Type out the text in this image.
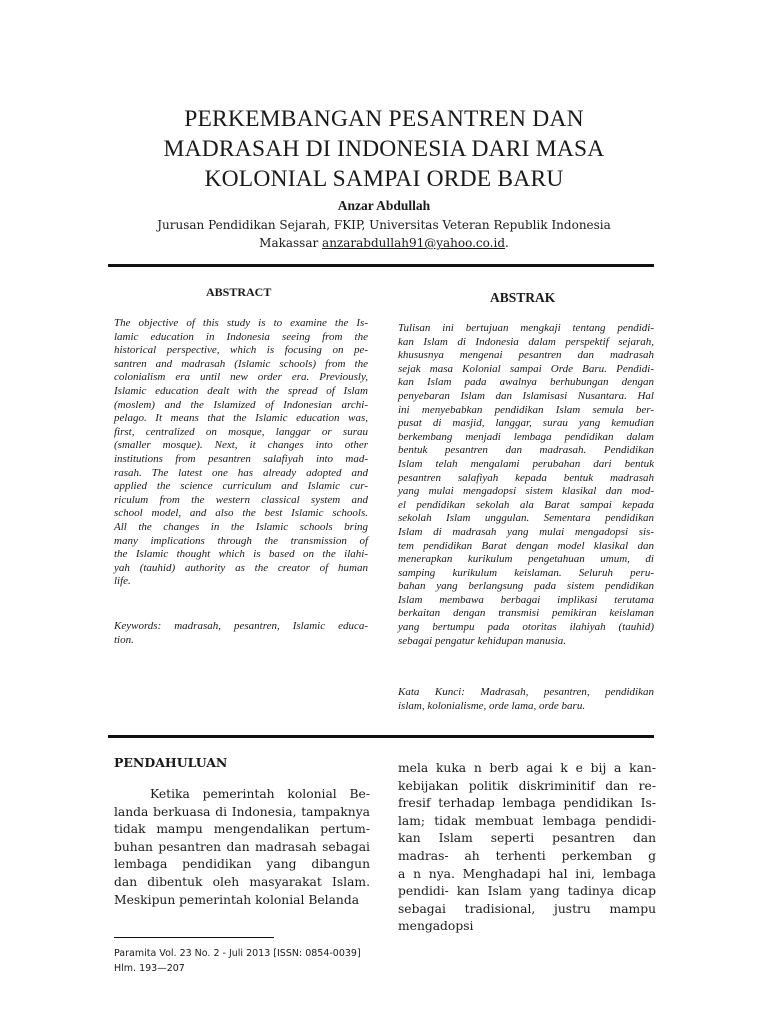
PERKEMBANGAN PESANTREN DAN
MADRASAH DI INDONESIA DARI MASA
KOLONIAL SAMPAI ORDE BARU
Anzar Abdullah
Jurusan Pendidikan Sejarah, FKIP, Universitas Veteran Republik Indonesia
Makassar anzarabdullah91@yahoo.co.id.
ABSTRACT
The objective of this study is to examine the Is-
lamic education in Indonesia seeing from the
historical perspective, which is focusing on pe-
santren and madrasah (Islamic schools) from the
colonialism era until new order era. Previously,
Islamic education dealt with the spread of Islam
(moslem) and the Islamized of Indonesian archi-
pelago. It means that the Islamic education was,
first, centralized on mosque, langgar or surau
(smaller mosque). Next, it changes into other
institutions from pesantren salafiyah into mad-
rasah. The latest one has already adopted and
applied the science curriculum and Islamic cur-
riculum from the western classical system and
school model, and also the best Islamic schools.
All the changes in the Islamic schools bring
many implications through the transmission of
the Islamic thought which is based on the ilahi-
yah (tauhid) authority as the creator of human
life.
Keywords: madrasah, pesantren, Islamic educa-
tion.
ABSTRAK
Tulisan ini bertujuan mengkaji tentang pendidi-
kan Islam di Indonesia dalam perspektif sejarah,
khususnya mengenai pesantren dan madrasah
sejak masa Kolonial sampai Orde Baru. Pendidi-
kan Islam pada awalnya berhubungan dengan
penyebaran Islam dan Islamisasi Nusantara. Hal
ini menyebabkan pendidikan Islam semula ber-
pusat di masjid, langgar, surau yang kemudian
berkembang menjadi lembaga pendidikan dalam
bentuk pesantren dan madrasah. Pendidikan
Islam telah mengalami perubahan dari bentuk
pesantren salafiyah kepada bentuk madrasah
yang mulai mengadopsi sistem klasikal dan mod-
el pendidikan sekolah ala Barat sampai kepada
sekolah Islam unggulan. Sementara pendidikan
Islam di madrasah yang mulai mengadopsi sis-
tem pendidikan Barat dengan model klasikal dan
menerapkan kurikulum pengetahuan umum, di
samping kurikulum keislaman. Seluruh peru-
bahan yang berlangsung pada sistem pendidikan
Islam membawa berbagai implikasi terutama
berkaitan dengan transmisi pemikiran keislaman
yang bertumpu pada otoritas ilahiyah (tauhid)
sebagai pengatur kehidupan manusia.
Kata Kunci: Madrasah, pesantren, pendidikan
islam, kolonialisme, orde lama, orde baru.
PENDAHULUAN
Ketika pemerintah kolonial Be-
landa berkuasa di Indonesia, tampaknya
tidak mampu mengendalikan pertum-
buhan pesantren dan madrasah sebagai
lembaga pendidikan yang dibangun
dan dibentuk oleh masyarakat Islam.
Meskipun pemerintah kolonial Belanda
mela kuka n berb agai k e bij a kan-
kebijakan politik diskriminitif dan re-
fresif terhadap lembaga pendidikan Is-
lam; tidak membuat lembaga pendidi-
kan Islam seperti pesantren dan
madras- ah terhenti perkemban g
a n nya. Menghadapi hal ini, lembaga
pendidi- kan Islam yang tadinya dicap
sebagai tradisional, justru mampu
mengadopsi
Paramita Vol. 23 No. 2 - Juli 2013 [ISSN: 0854-0039]
Hlm. 193—207
